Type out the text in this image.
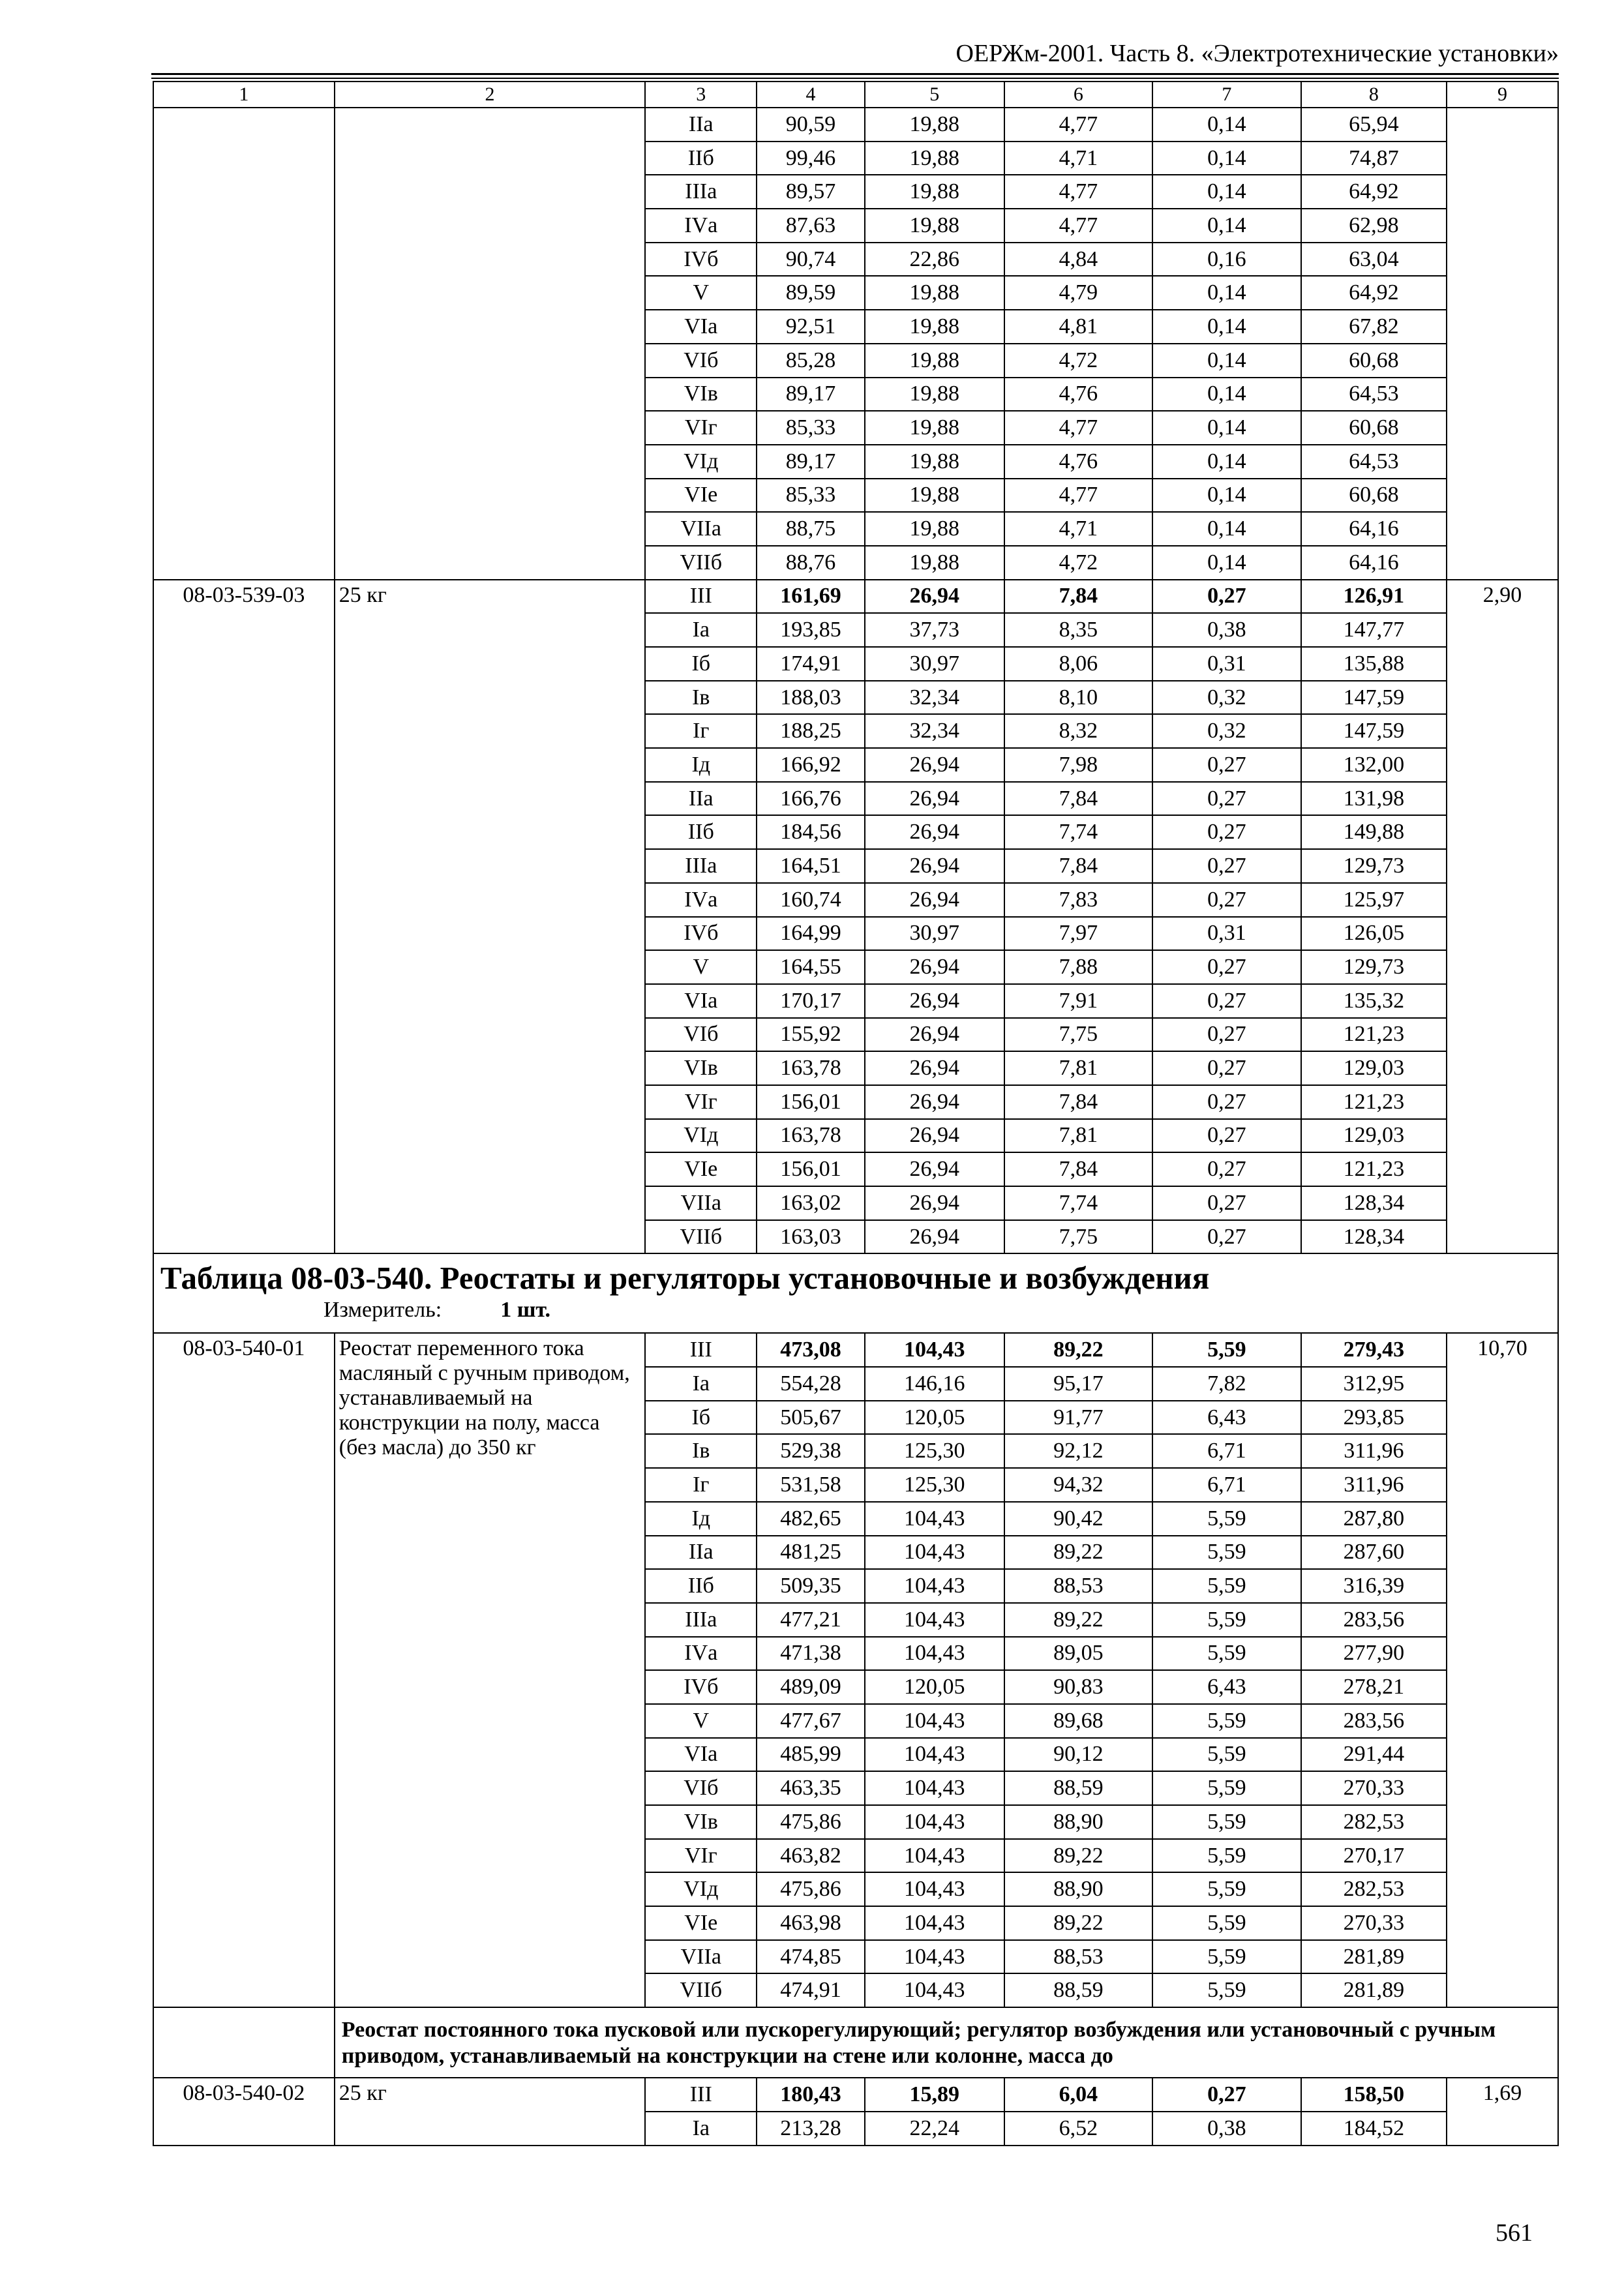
ОЕРЖм-2001. Часть 8. «Электротехнические установки»
1	2	3	4	5	6	7	8	9
		IIа	90,59	19,88	4,77	0,14	65,94	
		IIб	99,46	19,88	4,71	0,14	74,87	
		IIIа	89,57	19,88	4,77	0,14	64,92	
		IVа	87,63	19,88	4,77	0,14	62,98	
		IVб	90,74	22,86	4,84	0,16	63,04	
		V	89,59	19,88	4,79	0,14	64,92	
		VIа	92,51	19,88	4,81	0,14	67,82	
		VIб	85,28	19,88	4,72	0,14	60,68	
		VIв	89,17	19,88	4,76	0,14	64,53	
		VIг	85,33	19,88	4,77	0,14	60,68	
		VIд	89,17	19,88	4,76	0,14	64,53	
		VIе	85,33	19,88	4,77	0,14	60,68	
		VIIа	88,75	19,88	4,71	0,14	64,16	
		VIIб	88,76	19,88	4,72	0,14	64,16	
08-03-539-03	25 кг	III	161,69	26,94	7,84	0,27	126,91	2,90
		Iа	193,85	37,73	8,35	0,38	147,77	
		Iб	174,91	30,97	8,06	0,31	135,88	
		Iв	188,03	32,34	8,10	0,32	147,59	
		Iг	188,25	32,34	8,32	0,32	147,59	
		Iд	166,92	26,94	7,98	0,27	132,00	
		IIа	166,76	26,94	7,84	0,27	131,98	
		IIб	184,56	26,94	7,74	0,27	149,88	
		IIIа	164,51	26,94	7,84	0,27	129,73	
		IVа	160,74	26,94	7,83	0,27	125,97	
		IVб	164,99	30,97	7,97	0,31	126,05	
		V	164,55	26,94	7,88	0,27	129,73	
		VIа	170,17	26,94	7,91	0,27	135,32	
		VIб	155,92	26,94	7,75	0,27	121,23	
		VIв	163,78	26,94	7,81	0,27	129,03	
		VIг	156,01	26,94	7,84	0,27	121,23	
		VIд	163,78	26,94	7,81	0,27	129,03	
		VIе	156,01	26,94	7,84	0,27	121,23	
		VIIа	163,02	26,94	7,74	0,27	128,34	
		VIIб	163,03	26,94	7,75	0,27	128,34	

Таблица 08-03-540. Реостаты и регуляторы установочные и возбуждения
Измеритель: 1 шт.								

08-03-540-01	Реостат переменного тока масляный с ручным приводом, устанавливаемый на конструкции на полу, масса (без масла) до 350 кг	III	473,08	104,43	89,22	5,59	279,43	10,70
		Iа	554,28	146,16	95,17	7,82	312,95	
		Iб	505,67	120,05	91,77	6,43	293,85	
		Iв	529,38	125,30	92,12	6,71	311,96	
		Iг	531,58	125,30	94,32	6,71	311,96	
		Iд	482,65	104,43	90,42	5,59	287,80	
		IIа	481,25	104,43	89,22	5,59	287,60	
		IIб	509,35	104,43	88,53	5,59	316,39	
		IIIа	477,21	104,43	89,22	5,59	283,56	
		IVа	471,38	104,43	89,05	5,59	277,90	
		IVб	489,09	120,05	90,83	6,43	278,21	
		V	477,67	104,43	89,68	5,59	283,56	
		VIа	485,99	104,43	90,12	5,59	291,44	
		VIб	463,35	104,43	88,59	5,59	270,33	
		VIв	475,86	104,43	88,90	5,59	282,53	
		VIг	463,82	104,43	89,22	5,59	270,17	
		VIд	475,86	104,43	88,90	5,59	282,53	
		VIе	463,98	104,43	89,22	5,59	270,33	
		VIIа	474,85	104,43	88,53	5,59	281,89	
		VIIб	474,91	104,43	88,59	5,59	281,89	
	Реостат постоянного тока пусковой или пускорегулирующий; регулятор возбуждения или установочный с ручным приводом, устанавливаемый на конструкции на стене или колонне, масса до							
08-03-540-02	25 кг	III	180,43	15,89	6,04	0,27	158,50	1,69
		Iа	213,28	22,24	6,52	0,38	184,52	
561
